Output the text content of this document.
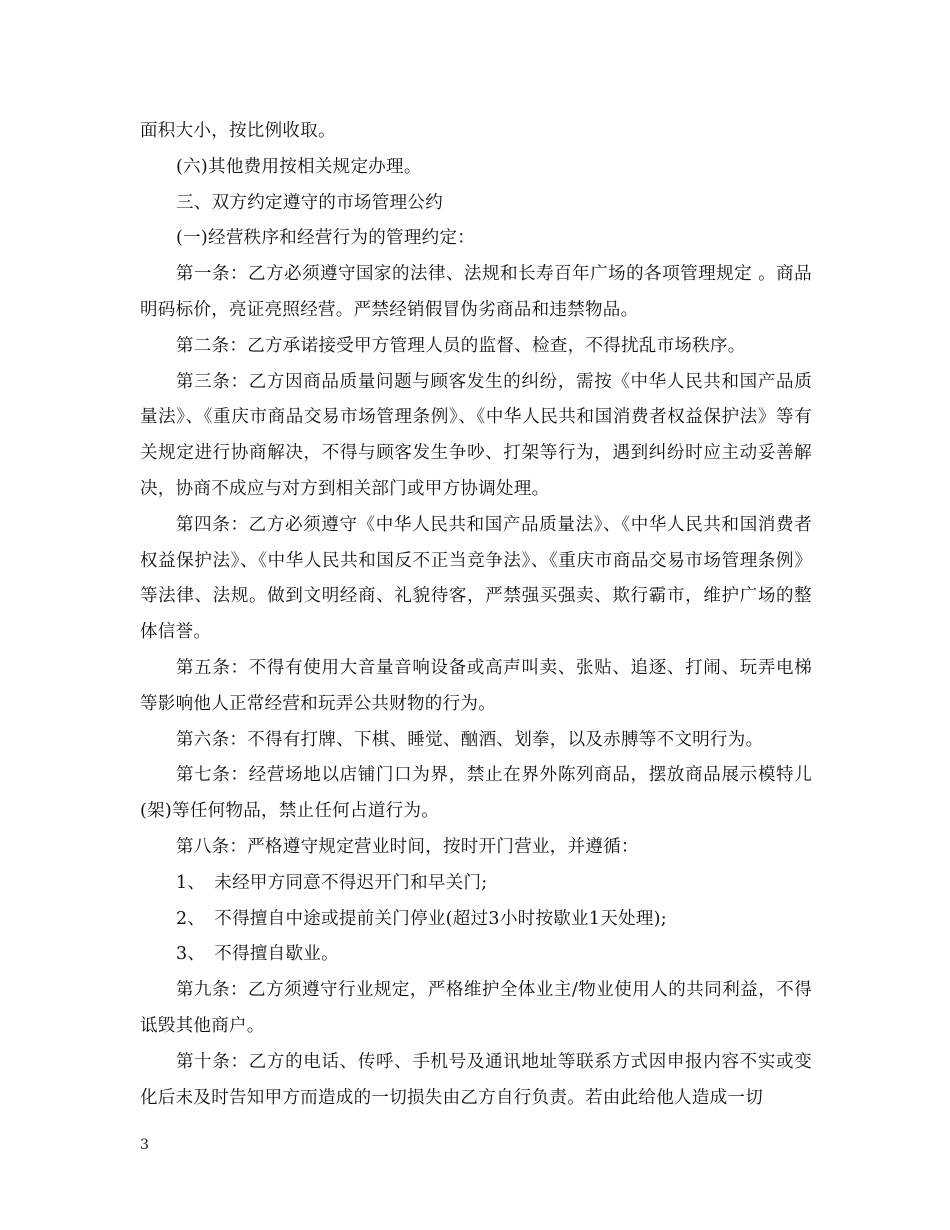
面积大小，按比例收取。

(六)其他费用按相关规定办理。

三、双方约定遵守的市场管理公约

(一)经营秩序和经营行为的管理约定：

第一条：乙方必须遵守国家的法律、法规和长寿百年广场的各项管理规定 。商品明码标价，亮证亮照经营。严禁经销假冒伪劣商品和违禁物品。

第二条：乙方承诺接受甲方管理人员的监督、检查，不得扰乱市场秩序。

第三条：乙方因商品质量问题与顾客发生的纠纷，需按《中华人民共和国产品质量法》、《重庆市商品交易市场管理条例》、《中华人民共和国消费者权益保护法》等有关规定进行协商解决，不得与顾客发生争吵、打架等行为，遇到纠纷时应主动妥善解决，协商不成应与对方到相关部门或甲方协调处理。

第四条：乙方必须遵守《中华人民共和国产品质量法》、《中华人民共和国消费者权益保护法》、《中华人民共和国反不正当竞争法》、《重庆市商品交易市场管理条例》等法律、法规。做到文明经商、礼貌待客，严禁强买强卖、欺行霸市，维护广场的整体信誉。

第五条：不得有使用大音量音响设备或高声叫卖、张贴、追逐、打闹、玩弄电梯等影响他人正常经营和玩弄公共财物的行为。

第六条：不得有打牌、下棋、睡觉、酗酒、划拳，以及赤膊等不文明行为。

第七条：经营场地以店铺门口为界，禁止在界外陈列商品，摆放商品展示模特儿(架)等任何物品，禁止任何占道行为。

第八条：严格遵守规定营业时间，按时开门营业，并遵循：

1、　未经甲方同意不得迟开门和早关门;

2、　不得擅自中途或提前关门停业(超过3小时按歇业1天处理);

3、　不得擅自歇业。

第九条：乙方须遵守行业规定，严格维护全体业主/物业使用人的共同利益，不得诋毁其他商户。

第十条：乙方的电话、传呼、手机号及通讯地址等联系方式因申报内容不实或变化后未及时告知甲方而造成的一切损失由乙方自行负责。若由此给他人造成一切

3
